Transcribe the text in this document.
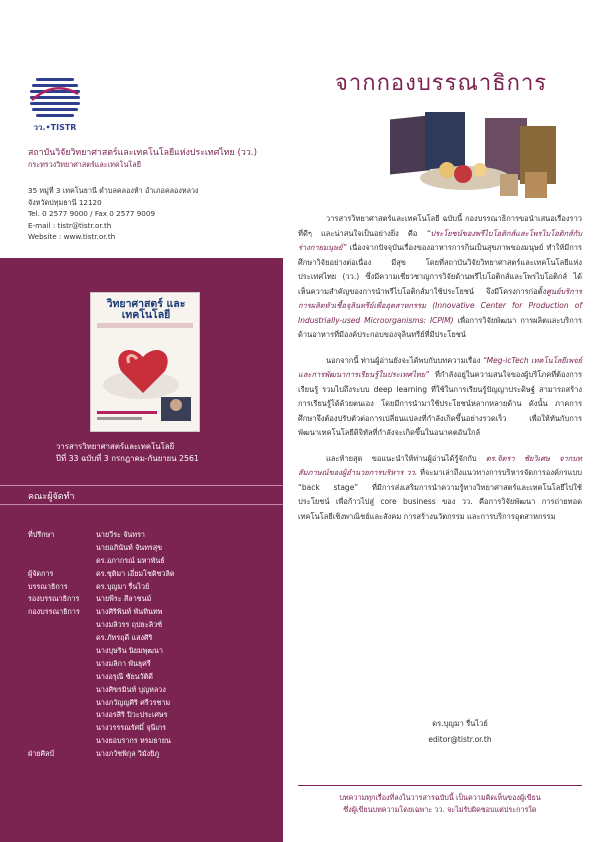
วว.•TISTR
สถาบันวิจัยวิทยาศาสตร์และเทคโนโลยีแห่งประเทศไทย (วว.)
กระทรวงวิทยาศาสตร์และเทคโนโลยี
35 หมู่ที่ 3 เทคโนธานี ตำบลคลองห้า อำเภอคลองหลวง
จังหวัดปทุมธานี 12120
Tel. 0 2577 9000 / Fax 0 2577 9009
E-mail : tistr@tistr.or.th
Website : www.tistr.or.th
วิทยาศาสตร์ และเทคโนโลยี
วารสารวิทยาศาสตร์และเทคโนโลยี
ปีที่ 33 ฉบับที่ 3 กรกฎาคม-กันยายน 2561
คณะผู้จัดทำ
ที่ปรึกษา	นายวีระ จันทรา
นายอภินันท์ จันทรสุข
ดร.อภากรณ์ มหาพันธ์
ผู้จัดการ	ดร.ชุติมา เอี่ยมโชติชวลิต
บรรณาธิการ	ดร.บุญมา รื่นไวย์
รองบรรณาธิการ นายพีระ สีลาชนม์
กองบรรณาธิการ นางศิริพินท์ พันทินทพ
นางมลิวรร ฤปธะลิวซ์
ดร.ภัทรฤดี แสงศิริ
นางบุษริน นิยมพุฒนา
นางมลิกา พันธุศรี
นางอรุณี ชัยนวัติดี
นางศิขรมินท์ บุญหลวง
นางภวัญญศิริ ศรีวรชาม
นางอรสิริ ปิวะประเศษร
นางวรรรณรัศมิ์ จุนีเกร
นางยอบรากร หรมธายน
ฝ่ายศิลป์	นางภวัชพิกุล วิมังยิภู
จากกองบรรณาธิการ

วารสารวิทยาศาสตร์และเทคโนโลยี ฉบับนี้ กองบรรณาธิการขอนำเสนอเรื่องราวที่ดีๆ และน่าสนใจเป็นอย่างยิ่ง คือ “ประโยชน์ของพรีไบโอติกส์และโพรไบโอติกส์กับร่างกายมนุษย์” เนื่องจากปัจจุบันเรื่องของอาหารการกินเป็นสุขภาพของมนุษย์ ทำให้มีการศึกษาวิจัยอย่างต่อเนื่อง มีสุข โดยที่สถาบันวิจัยวิทยาศาสตร์และเทคโนโลยีแห่งประเทศไทย (วว.) ซึ่งมีความเชี่ยวชาญการวิจัยด้านพรีไบโอติกส์และโพรไบโอติกส์ ได้เห็นความสำคัญของการนำพรีไบโอติกส์มาใช้ประโยชน์ จึงมีโครงการก่อตั้งศูนย์บริการการผลิตหัวเชื้อจุลินทรีย์เพื่ออุตสาหกรรม (Innovative Center for Production of Industrially-used Microorganisms: ICPIM) เพื่อการวิจัยพัฒนา การผลิตและบริการด้านอาหารที่มีองค์ประกอบของจุลินทรีย์ที่มีประโยชน์

นอกจากนี้ ท่านผู้อ่านยังจะได้พบกับบทความเรื่อง “Meg-icTech เทคโนโลยีเพจย์และการพัฒนาการเรียนรู้ในประเทศไทย” ที่กำลังอยู่ในความสนใจของผู้บริโภคที่ต้องการเรียนรู้ รวมไปถึงระบบ deep learning ที่ใช้ในการเรียนรู้ปัญญาประดิษฐ์ สามารถสร้างการเรียนรู้ได้ด้วยตนเอง โดยมีการนำมาใช้ประโยชน์หลากหลายด้าน ดังนั้น ภาคการศึกษาจึงต้องปรับตัวต่อการเปลี่ยนแปลงที่กำลังเกิดขึ้นอย่างรวดเร็ว เพื่อให้ทันกับการพัฒนาเทคโนโลยีดิจิทัลที่กำลังจะเกิดขึ้นในอนาคตอันใกล้

และท้ายสุด ขอแนะนำให้ท่านผู้อ่านได้รู้จักกับ ดร.จิตรา ชัยวิเศษ จากบทสัมภาษณ์ของผู้อำนวยการบริหาร วว. ที่จะมาเล่าถึงแนวทางการบริหารจัดการองค์กรแบบ “back stage” ที่มีการส่งเสริมการนำความรู้ทางวิทยาศาสตร์และเทคโนโลยีไปใช้ประโยชน์ เพื่อก้าวไปสู่ core business ของ วว. คือการวิจัยพัฒนา การถ่ายทอดเทคโนโลยีเชิงพาณิชย์และสังคม การสร้างนวัตกรรม และการบริการอุตสาหกรรม

ดร.บุญมา รื่นไวย์
editor@tistr.or.th
บทความทุกเรื่องที่ลงในวารสารฉบับนี้ เป็นความคิดเห็นของผู้เขียน
ซึ่งผู้เขียนบทความโดยเฉพาะ วว. จะไม่รับผิดชอบแต่ประการใด
